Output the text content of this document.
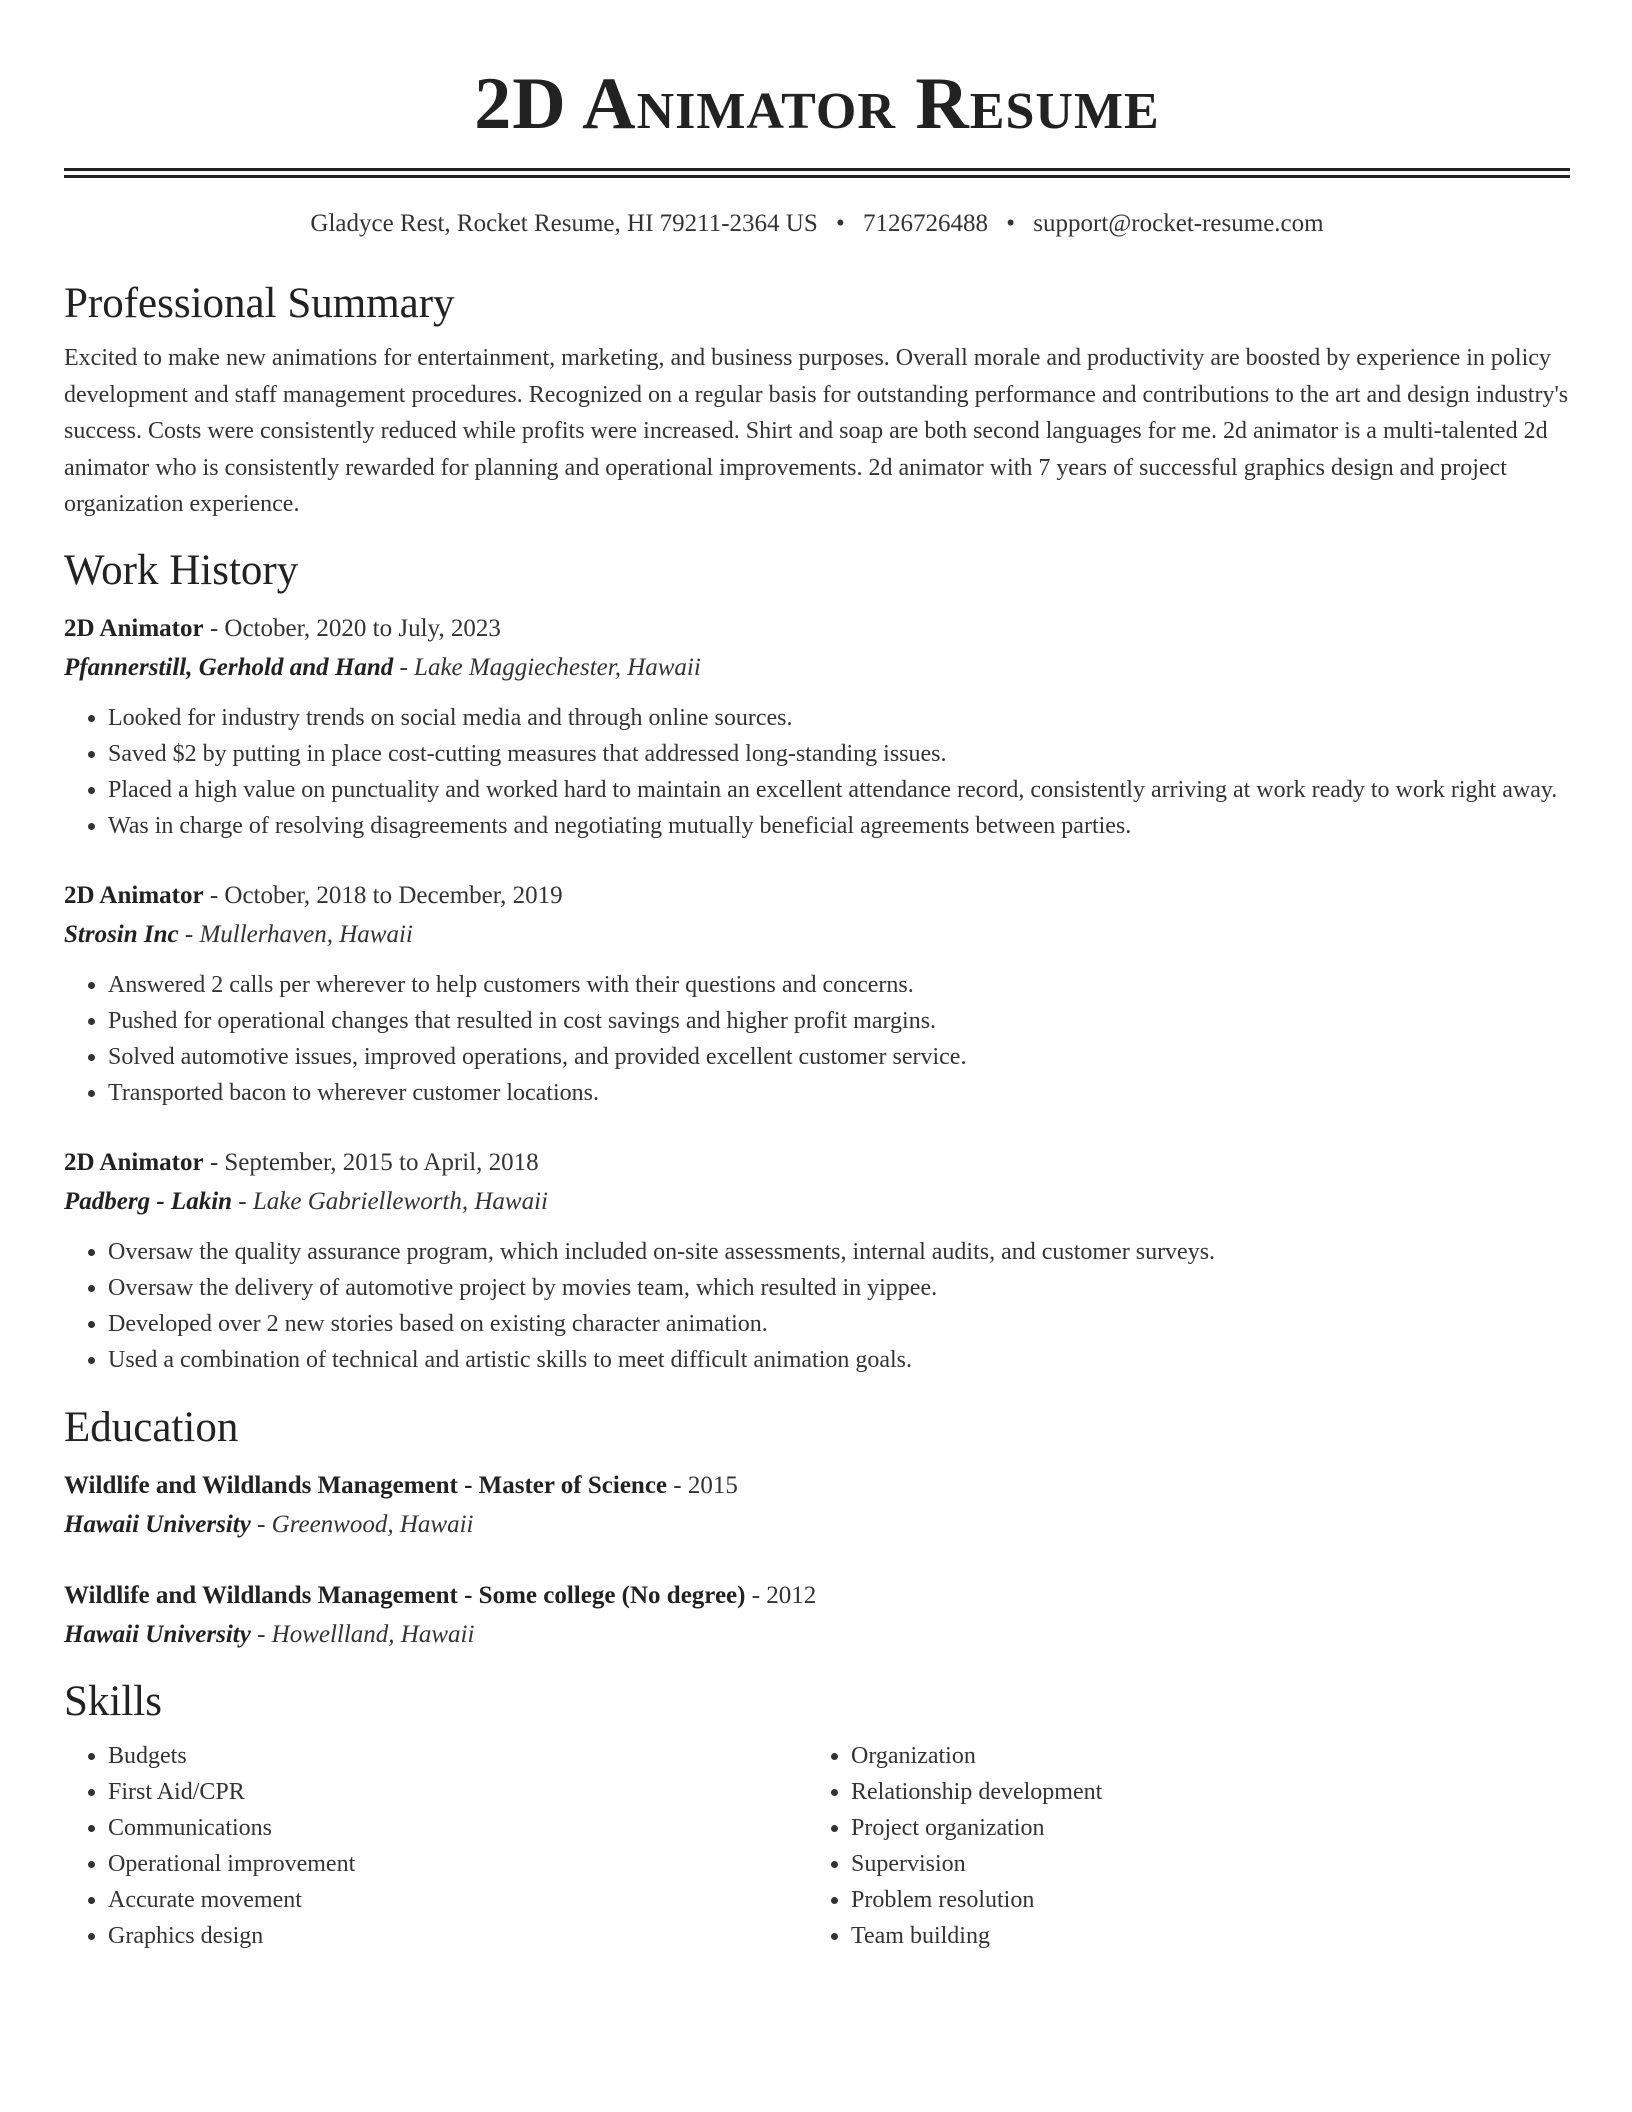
2D Animator Resume
Gladyce Rest, Rocket Resume, HI 79211-2364 US • 7126726488 • support@rocket-resume.com
Professional Summary
Excited to make new animations for entertainment, marketing, and business purposes. Overall morale and productivity are boosted by experience in policy development and staff management procedures. Recognized on a regular basis for outstanding performance and contributions to the art and design industry's success. Costs were consistently reduced while profits were increased. Shirt and soap are both second languages for me. 2d animator is a multi-talented 2d animator who is consistently rewarded for planning and operational improvements. 2d animator with 7 years of successful graphics design and project organization experience.
Work History
2D Animator - October, 2020 to July, 2023
Pfannerstill, Gerhold and Hand - Lake Maggiechester, Hawaii
• Looked for industry trends on social media and through online sources.
• Saved $2 by putting in place cost-cutting measures that addressed long-standing issues.
• Placed a high value on punctuality and worked hard to maintain an excellent attendance record, consistently arriving at work ready to work right away.
• Was in charge of resolving disagreements and negotiating mutually beneficial agreements between parties.
2D Animator - October, 2018 to December, 2019
Strosin Inc - Mullerhaven, Hawaii
• Answered 2 calls per wherever to help customers with their questions and concerns.
• Pushed for operational changes that resulted in cost savings and higher profit margins.
• Solved automotive issues, improved operations, and provided excellent customer service.
• Transported bacon to wherever customer locations.
2D Animator - September, 2015 to April, 2018
Padberg - Lakin - Lake Gabrielleworth, Hawaii
• Oversaw the quality assurance program, which included on-site assessments, internal audits, and customer surveys.
• Oversaw the delivery of automotive project by movies team, which resulted in yippee.
• Developed over 2 new stories based on existing character animation.
• Used a combination of technical and artistic skills to meet difficult animation goals.
Education
Wildlife and Wildlands Management - Master of Science - 2015
Hawaii University - Greenwood, Hawaii
Wildlife and Wildlands Management - Some college (No degree) - 2012
Hawaii University - Howellland, Hawaii
Skills
• Budgets
• First Aid/CPR
• Communications
• Operational improvement
• Accurate movement
• Graphics design
• Organization
• Relationship development
• Project organization
• Supervision
• Problem resolution
• Team building
